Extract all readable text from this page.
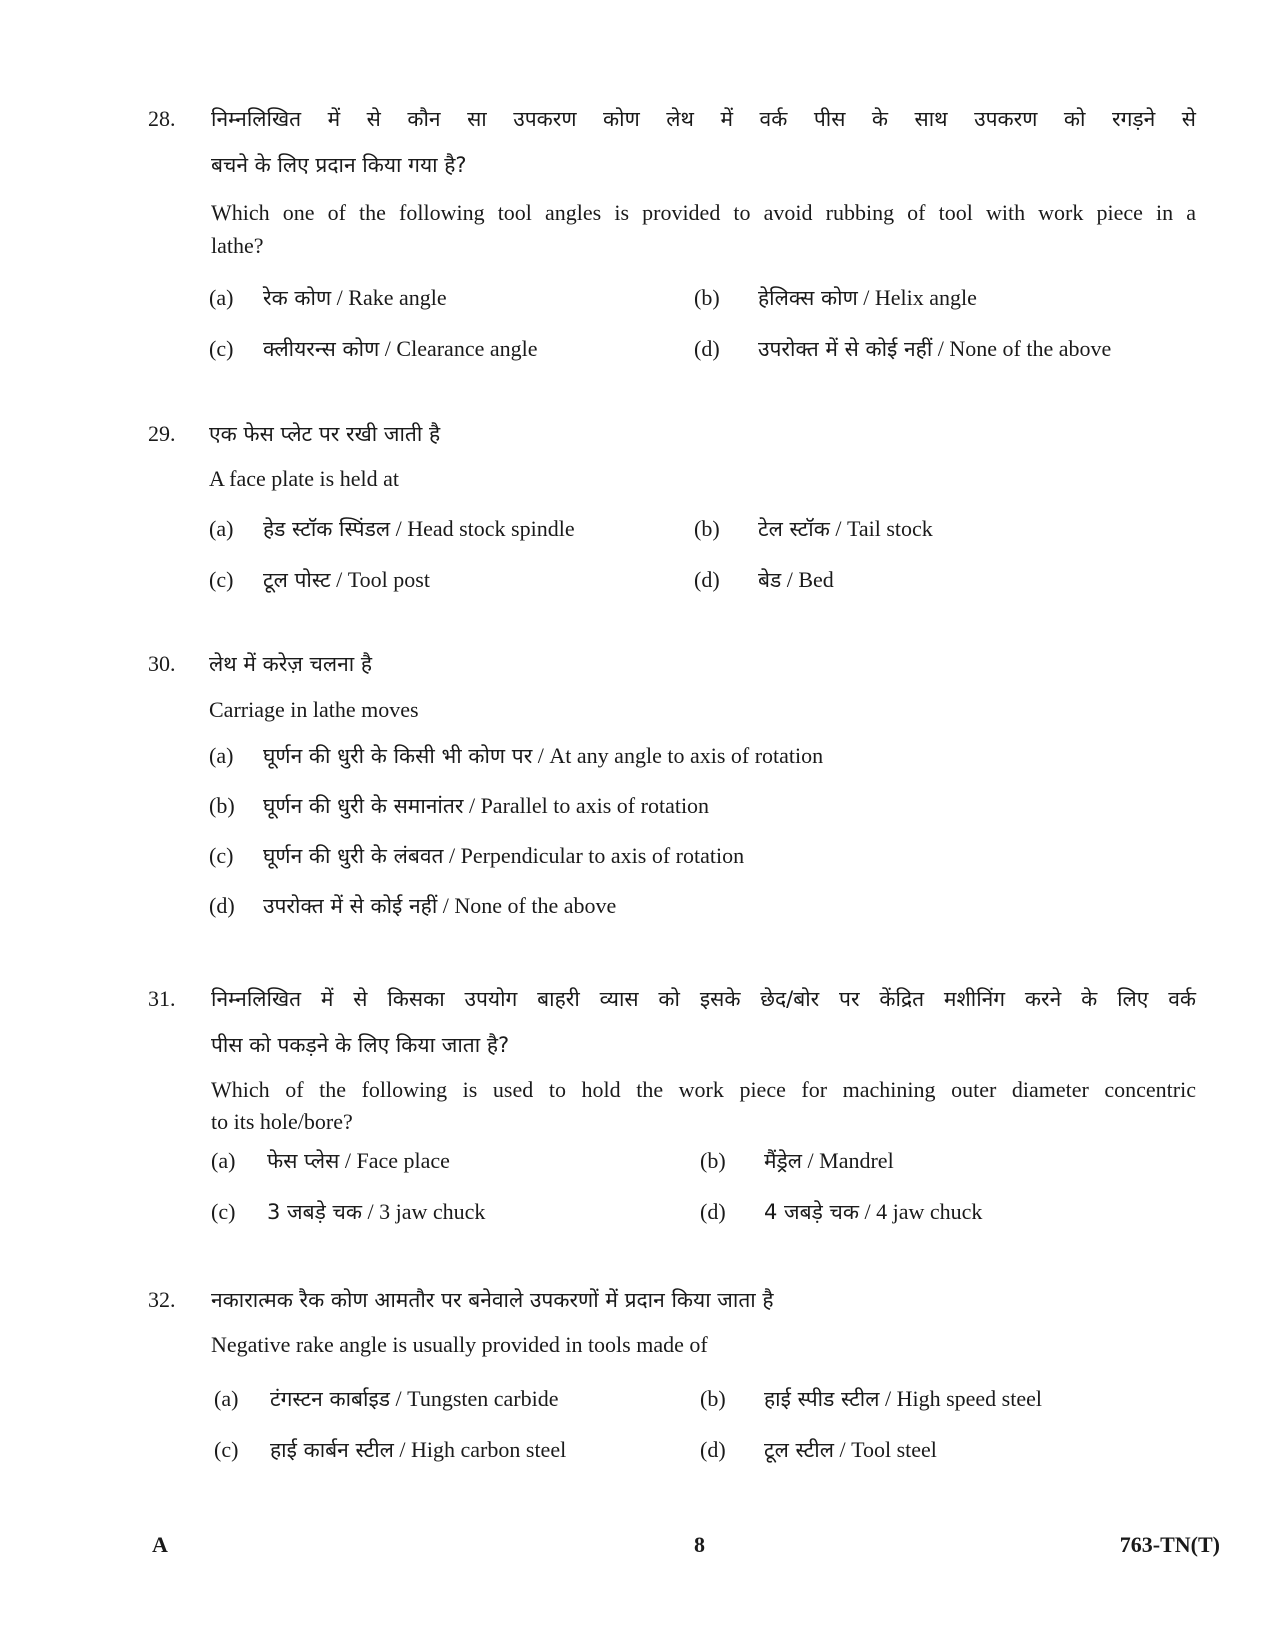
28. निम्नलिखित में से कौन सा उपकरण कोण लेथ में वर्क पीस के साथ उपकरण को रगड़ने से
बचने के लिए प्रदान किया गया है?
Which one of the following tool angles is provided to avoid rubbing of tool with work piece in a
lathe?
(a) रेक कोण / Rake angle	(b) हेलिक्स कोण / Helix angle
(c) क्लीयरन्स कोण / Clearance angle	(d) उपरोक्त में से कोई नहीं / None of the above
29. एक फेस प्लेट पर रखी जाती है
A face plate is held at
(a) हेड स्टॉक स्पिंडल / Head stock spindle	(b) टेल स्टॉक / Tail stock
(c) टूल पोस्ट / Tool post	(d) बेड / Bed
30. लेथ में करेज़ चलना है
Carriage in lathe moves
(a) घूर्णन की धुरी के किसी भी कोण पर / At any angle to axis of rotation
(b) घूर्णन की धुरी के समानांतर / Parallel to axis of rotation
(c) घूर्णन की धुरी के लंबवत / Perpendicular to axis of rotation
(d) उपरोक्त में से कोई नहीं / None of the above
31. निम्नलिखित में से किसका उपयोग बाहरी व्यास को इसके छेद/बोर पर केंद्रित मशीनिंग करने के लिए वर्क
पीस को पकड़ने के लिए किया जाता है?
Which of the following is used to hold the work piece for machining outer diameter concentric
to its hole/bore?
(a) फेस प्लेस / Face place	(b) मैंड्रेल / Mandrel
(c) 3 जबड़े चक / 3 jaw chuck	(d) 4 जबड़े चक / 4 jaw chuck
32. नकारात्मक रैक कोण आमतौर पर बनेवाले उपकरणों में प्रदान किया जाता है
Negative rake angle is usually provided in tools made of
(a) टंगस्टन कार्बाइड / Tungsten carbide	(b) हाई स्पीड स्टील / High speed steel
(c) हाई कार्बन स्टील / High carbon steel	(d) टूल स्टील / Tool steel
A	8	763-TN(T)
